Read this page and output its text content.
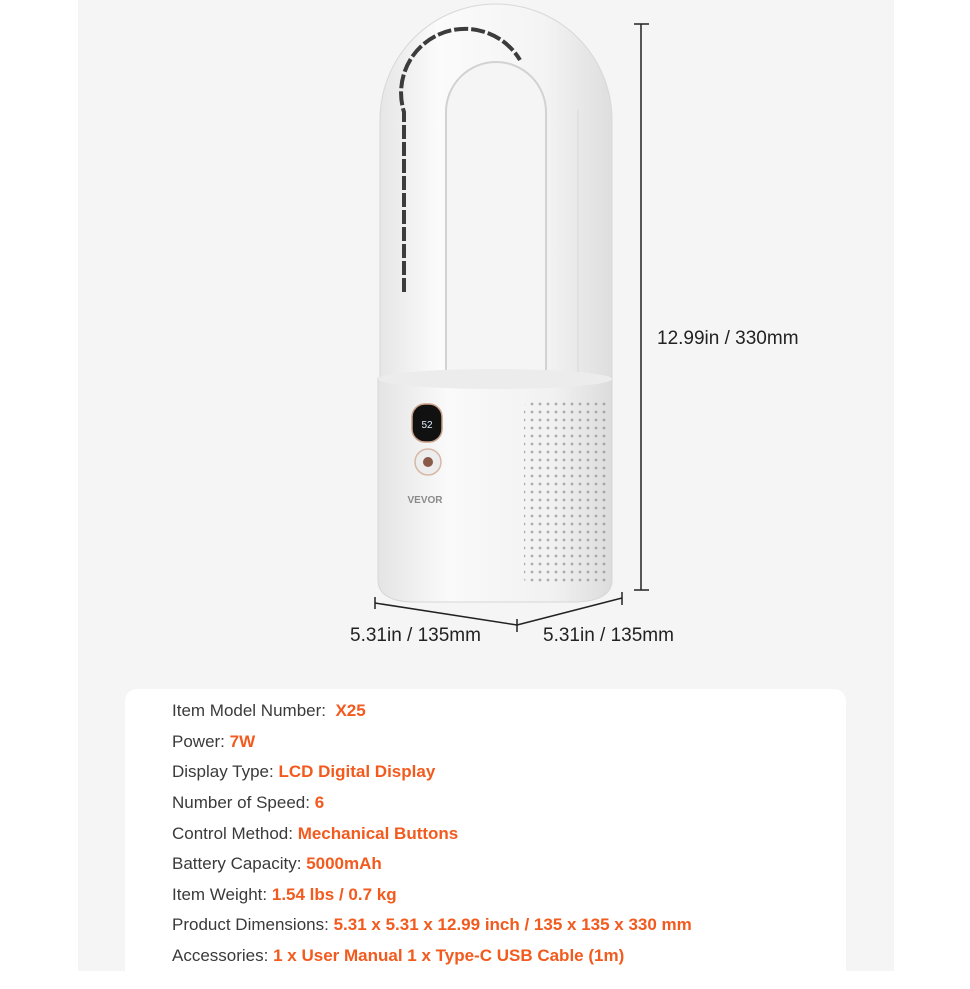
52
VEVOR
12.99in / 330mm
5.31in / 135mm	5.31in / 135mm
Item Model Number: X25
Power: 7W
Display Type: LCD Digital Display
Number of Speed: 6
Control Method: Mechanical Buttons
Battery Capacity: 5000mAh
Item Weight: 1.54 lbs / 0.7 kg
Product Dimensions: 5.31 x 5.31 x 12.99 inch / 135 x 135 x 330 mm
Accessories: 1 x User Manual 1 x Type-C USB Cable (1m)
